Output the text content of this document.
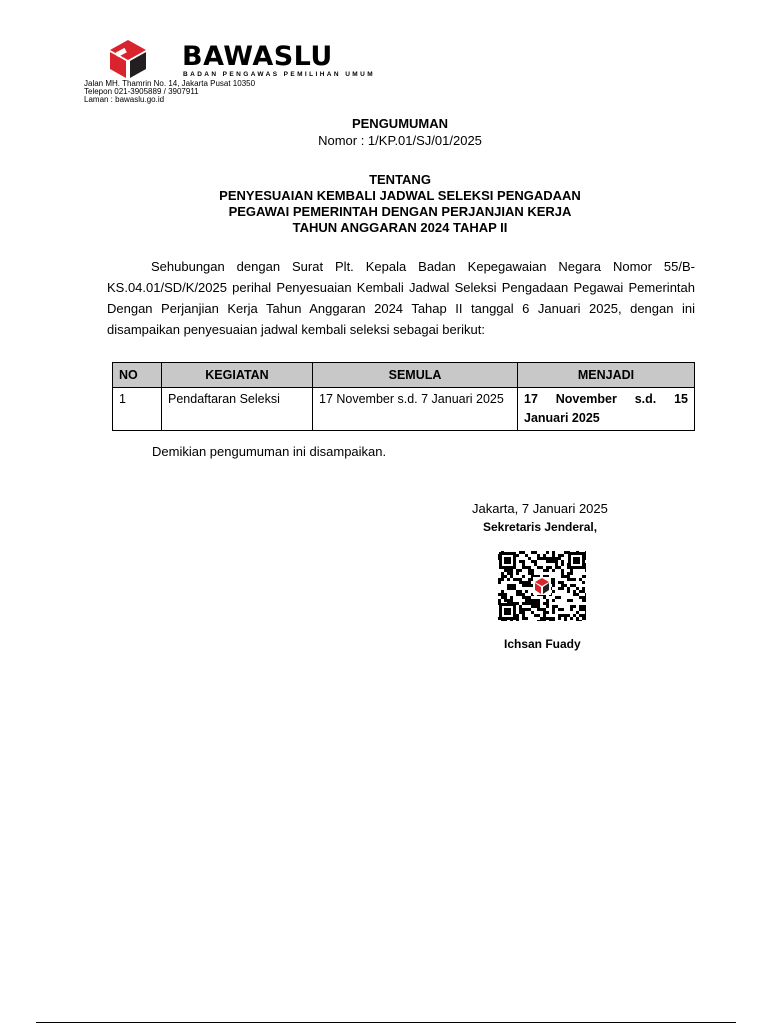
BAWASLU
BADAN PENGAWAS PEMILIHAN UMUM
Jalan MH. Thamrin No. 14, Jakarta Pusat 10350
Telepon 021-3905889 / 3907911
Laman : bawaslu.go.id
PENGUMUMAN
Nomor : 1/KP.01/SJ/01/2025
TENTANG
PENYESUAIAN KEMBALI JADWAL SELEKSI PENGADAAN
PEGAWAI PEMERINTAH DENGAN PERJANJIAN KERJA
TAHUN ANGGARAN 2024 TAHAP II
Sehubungan dengan Surat Plt. Kepala Badan Kepegawaian Negara Nomor 55/B-KS.04.01/SD/K/2025 perihal Penyesuaian Kembali Jadwal Seleksi Pengadaan Pegawai Pemerintah Dengan Perjanjian Kerja Tahun Anggaran 2024 Tahap II tanggal 6 Januari 2025, dengan ini disampaikan penyesuaian jadwal kembali seleksi sebagai berikut:
NO	KEGIATAN	SEMULA	MENJADI
1	Pendaftaran Seleksi	17 November s.d. 7 Januari 2025	17 November s.d. 15 Januari 2025
Demikian pengumuman ini disampaikan.
Jakarta, 7 Januari 2025
Sekretaris Jenderal,
Ichsan Fuady
